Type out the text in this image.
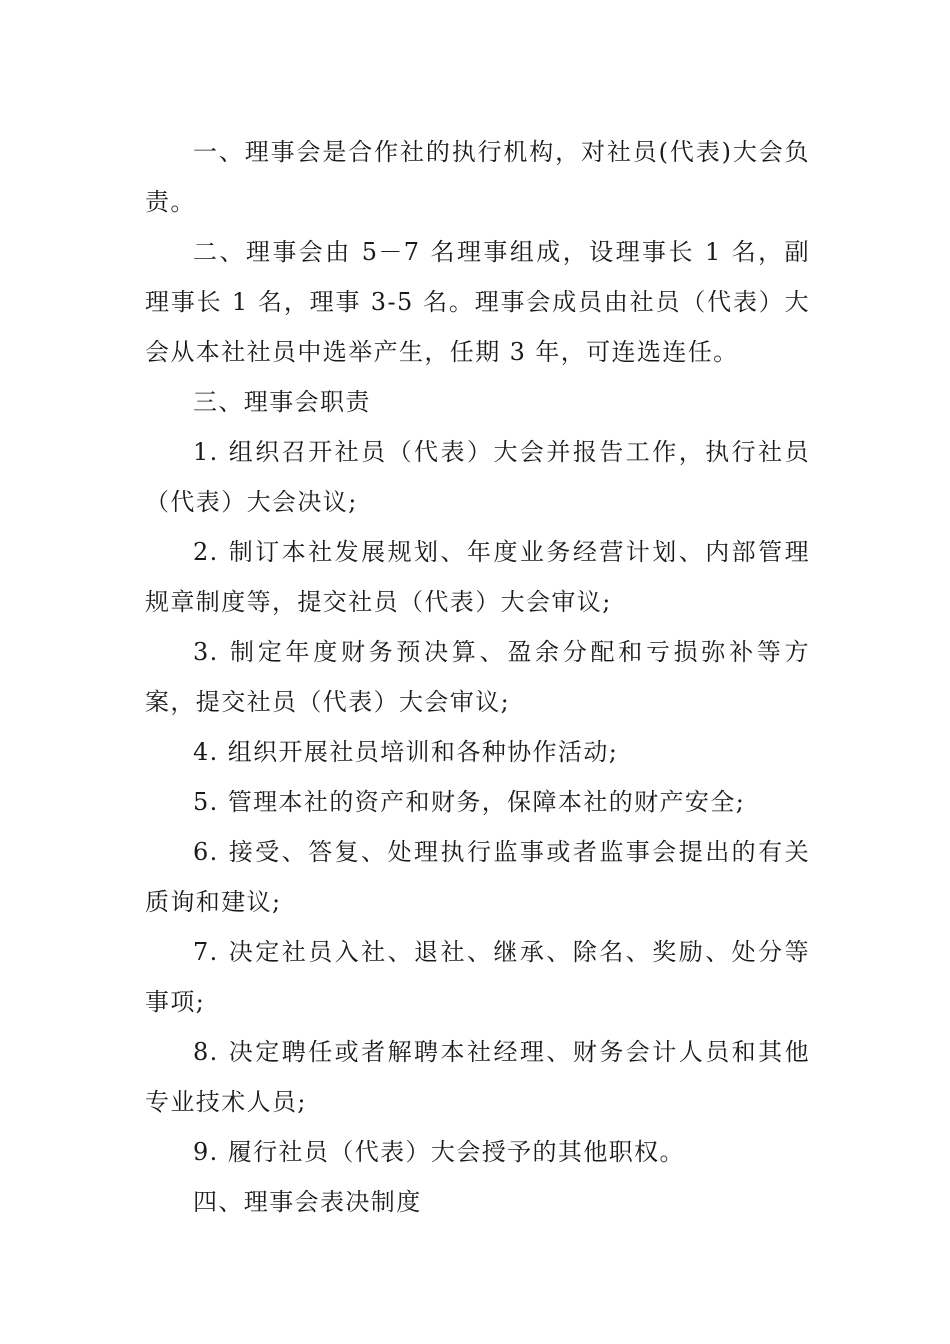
一、理事会是合作社的执行机构，对社员(代表)大会负责。

二、理事会由 5－7 名理事组成，设理事长 1 名，副理事长 1 名，理事 3-5 名。理事会成员由社员（代表）大会从本社社员中选举产生，任期 3 年，可连选连任。

三、理事会职责

1. 组织召开社员（代表）大会并报告工作，执行社员（代表）大会决议;

2. 制订本社发展规划、年度业务经营计划、内部管理规章制度等，提交社员（代表）大会审议;

3. 制定年度财务预决算、盈余分配和亏损弥补等方案，提交社员（代表）大会审议;

4. 组织开展社员培训和各种协作活动;

5. 管理本社的资产和财务，保障本社的财产安全;

6. 接受、答复、处理执行监事或者监事会提出的有关质询和建议;

7. 决定社员入社、退社、继承、除名、奖励、处分等事项;

8. 决定聘任或者解聘本社经理、财务会计人员和其他专业技术人员;

9. 履行社员（代表）大会授予的其他职权。

四、理事会表决制度
